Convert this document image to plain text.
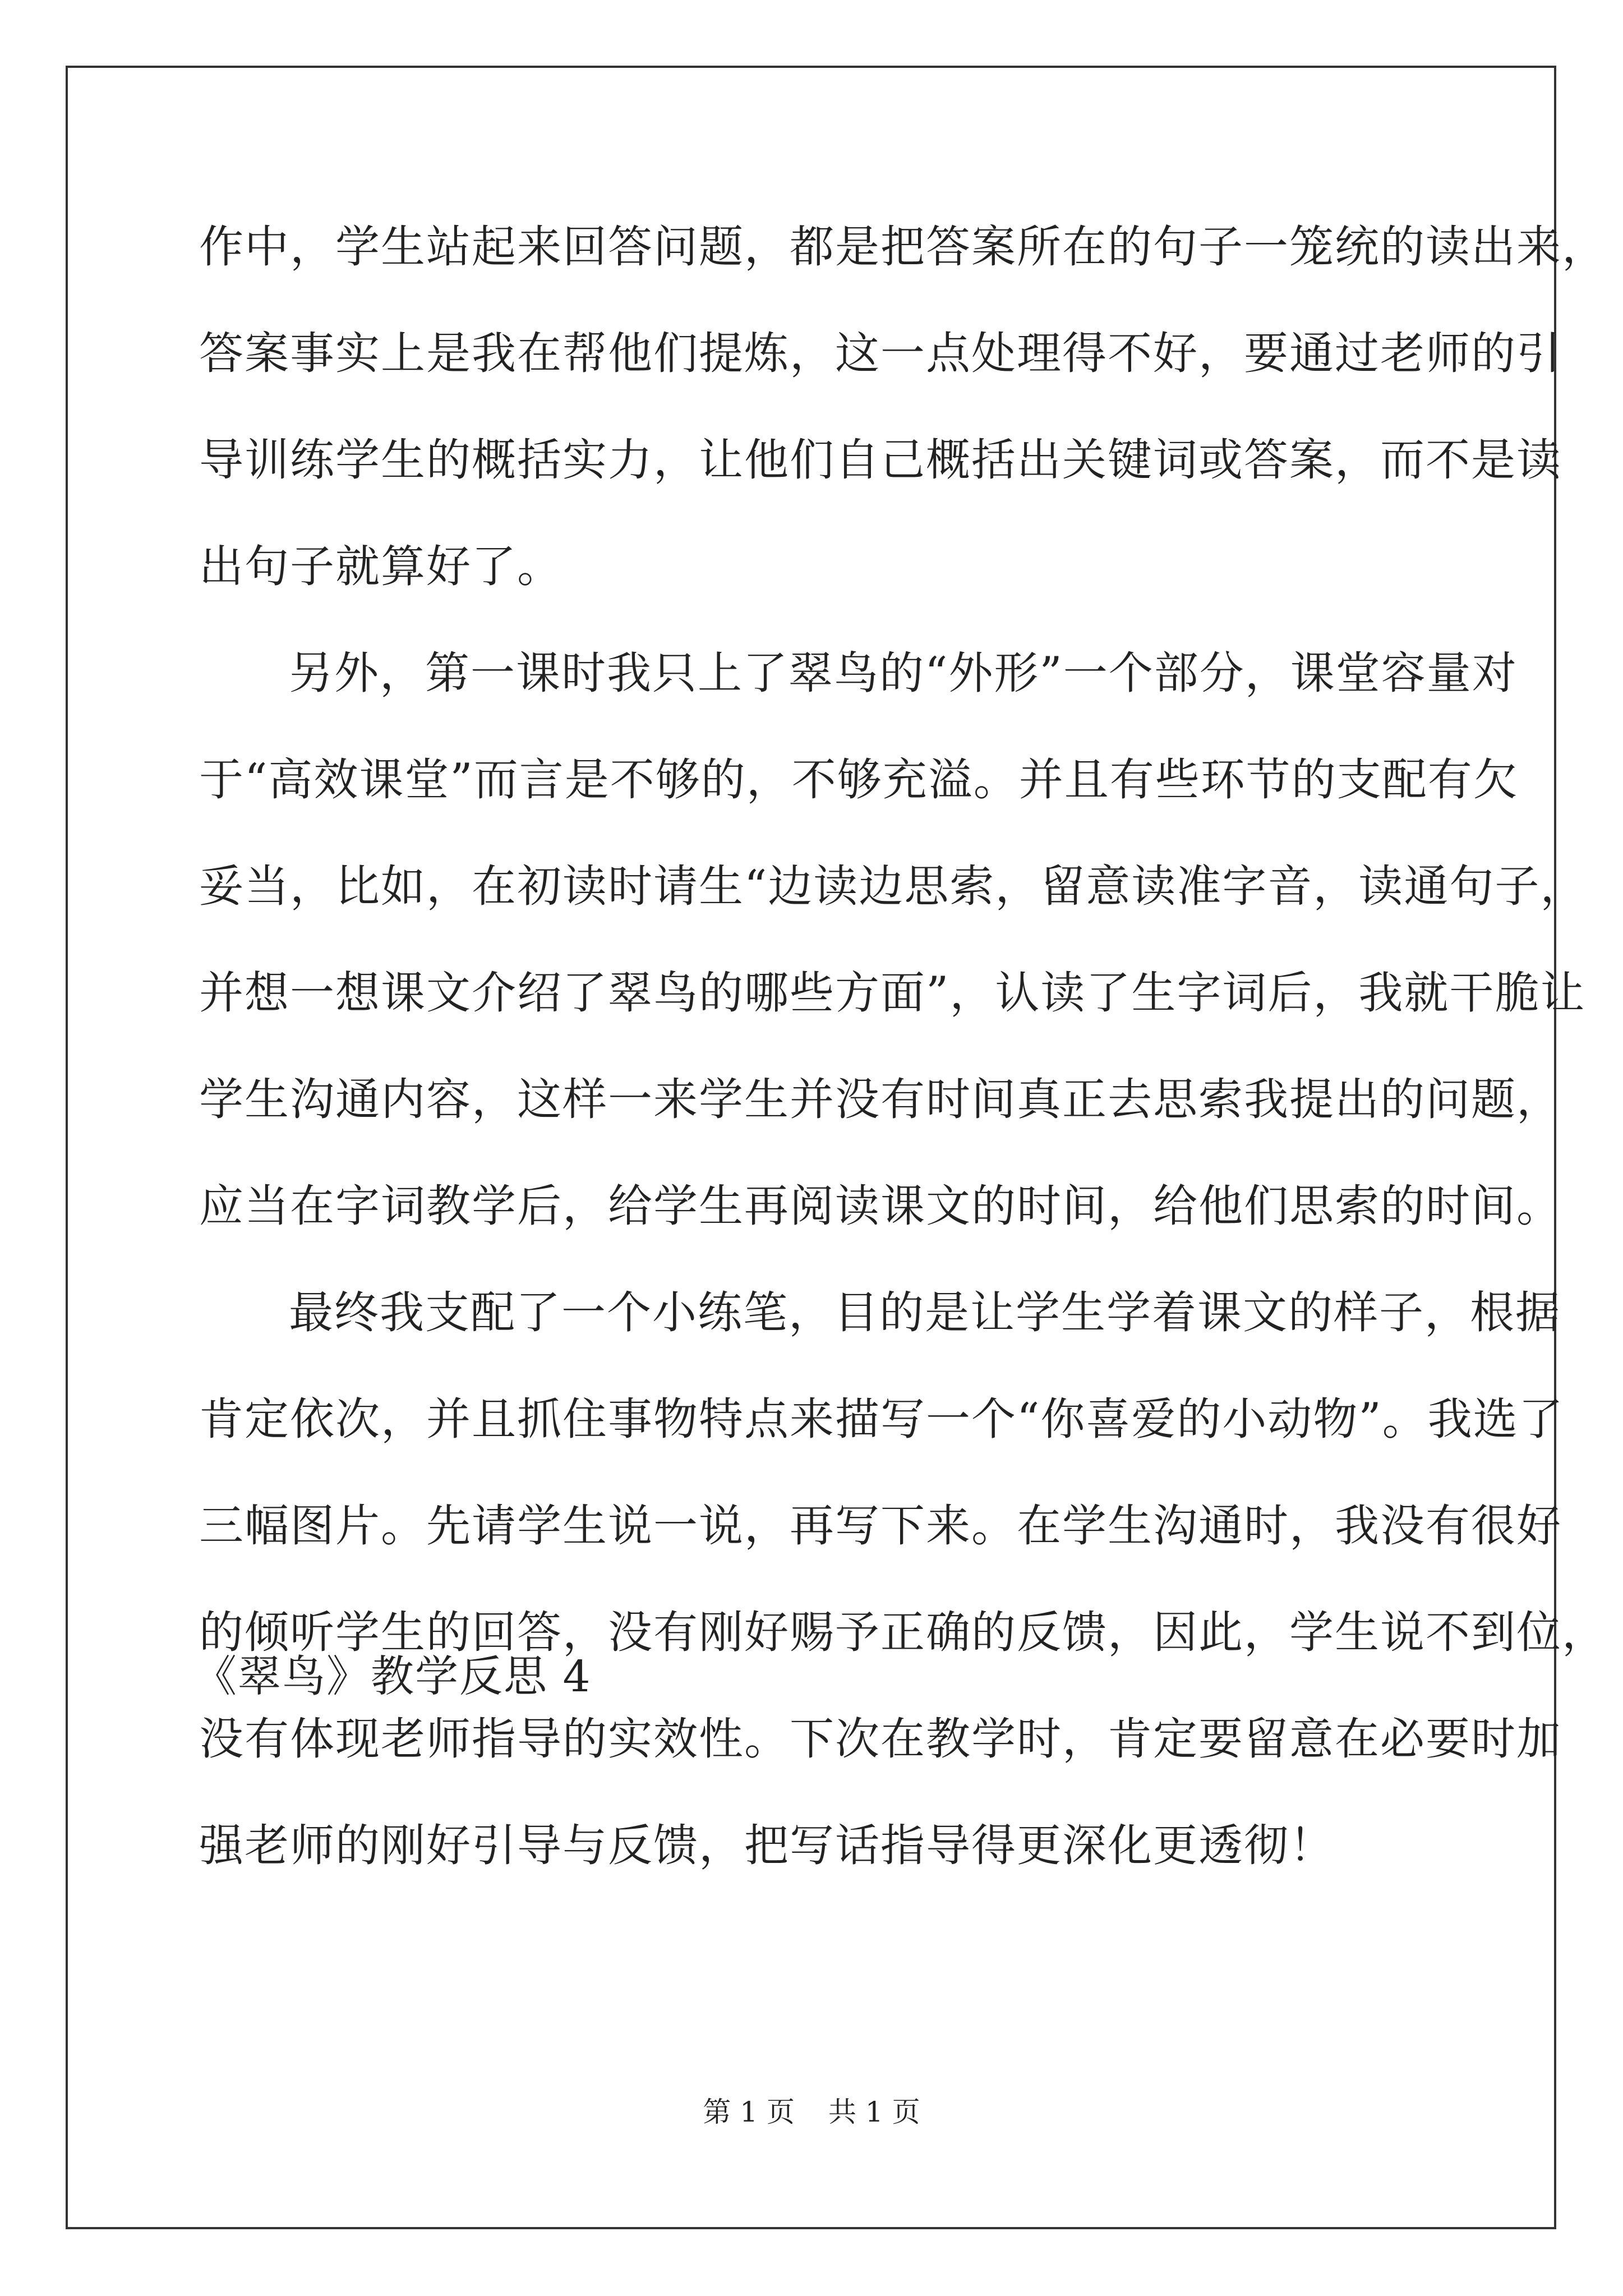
作中，学生站起来回答问题，都是把答案所在的句子一笼统的读出来，
答案事实上是我在帮他们提炼，这一点处理得不好，要通过老师的引
导训练学生的概括实力，让他们自己概括出关键词或答案，而不是读
出句子就算好了。
另外，第一课时我只上了翠鸟的“外形”一个部分，课堂容量对
于“高效课堂”而言是不够的，不够充溢。并且有些环节的支配有欠
妥当，比如，在初读时请生“边读边思索，留意读准字音，读通句子，
并想一想课文介绍了翠鸟的哪些方面”，认读了生字词后，我就干脆让
学生沟通内容，这样一来学生并没有时间真正去思索我提出的问题，
应当在字词教学后，给学生再阅读课文的时间，给他们思索的时间。
最终我支配了一个小练笔，目的是让学生学着课文的样子，根据
肯定依次，并且抓住事物特点来描写一个“你喜爱的小动物”。我选了
三幅图片。先请学生说一说，再写下来。在学生沟通时，我没有很好
的倾听学生的回答，没有刚好赐予正确的反馈，因此，学生说不到位，
没有体现老师指导的实效性。下次在教学时，肯定要留意在必要时加
强老师的刚好引导与反馈，把写话指导得更深化更透彻！
《翠鸟》教学反思 4
第 1 页 共 1 页
